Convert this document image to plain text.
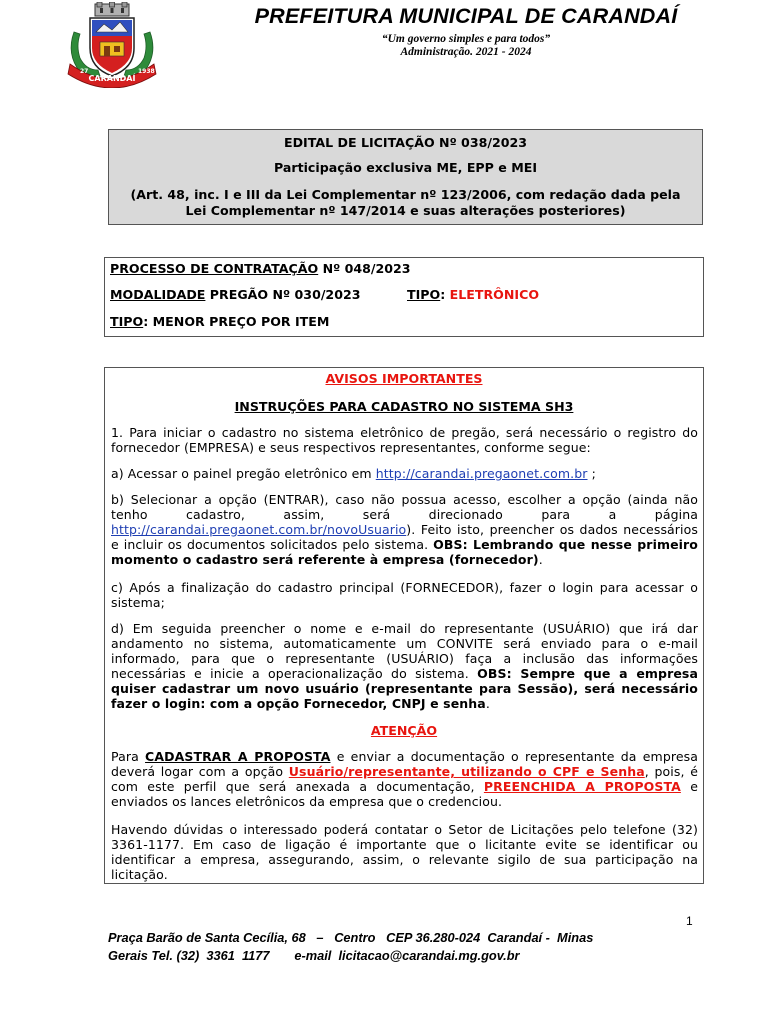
CARANDAÍ
27	1938
PREFEITURA MUNICIPAL DE CARANDAÍ
“Um governo simples e para todos”
Administração. 2021 - 2024
EDITAL DE LICITAÇÃO Nº 038/2023
Participação exclusiva ME, EPP e MEI
(Art. 48, inc. I e III da Lei Complementar nº 123/2006, com redação dada pela
Lei Complementar nº 147/2014 e suas alterações posteriores)
PROCESSO DE CONTRATAÇÃO Nº 048/2023
MODALIDADE PREGÃO Nº 030/2023	TIPO: ELETRÔNICO
TIPO: MENOR PREÇO POR ITEM
AVISOS IMPORTANTES
INSTRUÇÕES PARA CADASTRO NO SISTEMA SH3
1. Para iniciar o cadastro no sistema eletrônico de pregão, será necessário o registro do fornecedor (EMPRESA) e seus respectivos representantes, conforme segue:
a) Acessar o painel pregão eletrônico em http://carandai.pregaonet.com.br ;
b) Selecionar a opção (ENTRAR), caso não possua acesso, escolher a opção (ainda não
tenho cadastro, assim, será direcionado para a página
http://carandai.pregaonet.com.br/novoUsuario). Feito isto, preencher os dados necessários e incluir os documentos solicitados pelo sistema. OBS: Lembrando que nesse primeiro momento o cadastro será referente à empresa (fornecedor).
c) Após a finalização do cadastro principal (FORNECEDOR), fazer o login para acessar o sistema;
d) Em seguida preencher o nome e e-mail do representante (USUÁRIO) que irá dar andamento no sistema, automaticamente um CONVITE será enviado para o e-mail informado, para que o representante (USUÁRIO) faça a inclusão das informações necessárias e inicie a operacionalização do sistema. OBS: Sempre que a empresa quiser cadastrar um novo usuário (representante para Sessão), será necessário fazer o login: com a opção Fornecedor, CNPJ e senha.
ATENÇÃO
Para CADASTRAR A PROPOSTA e enviar a documentação o representante da empresa deverá logar com a opção Usuário/representante, utilizando o CPF e Senha, pois, é com este perfil que será anexada a documentação, PREENCHIDA A PROPOSTA e enviados os lances eletrônicos da empresa que o credenciou.
Havendo dúvidas o interessado poderá contatar o Setor de Licitações pelo telefone (32) 3361-1177. Em caso de ligação é importante que o licitante evite se identificar ou identificar a empresa, assegurando, assim, o relevante sigilo de sua participação na licitação.
1
Praça Barão de Santa Cecília, 68   –   Centro   CEP 36.280-024  Carandaí -  Minas
Gerais Tel. (32)  3361  1177       e-mail  licitacao@carandai.mg.gov.br
